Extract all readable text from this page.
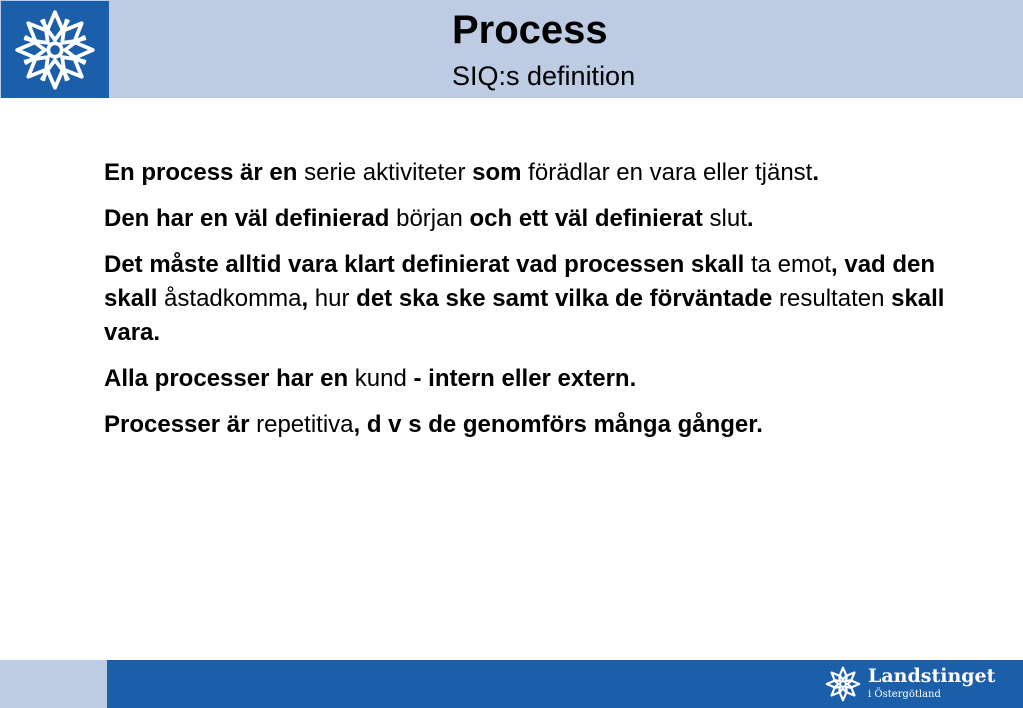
Process
SIQ:s definition

En process är en serie aktiviteter som förädlar en vara eller tjänst.

Den har en väl definierad början och ett väl definierat slut.

Det måste alltid vara klart definierat vad processen skall ta emot, vad den skall åstadkomma, hur det ska ske samt vilka de förväntade resultaten skall vara.

Alla processer har en kund - intern eller extern.

Processer är repetitiva, d v s de genomförs många gånger.

Landstinget
i Östergötland
